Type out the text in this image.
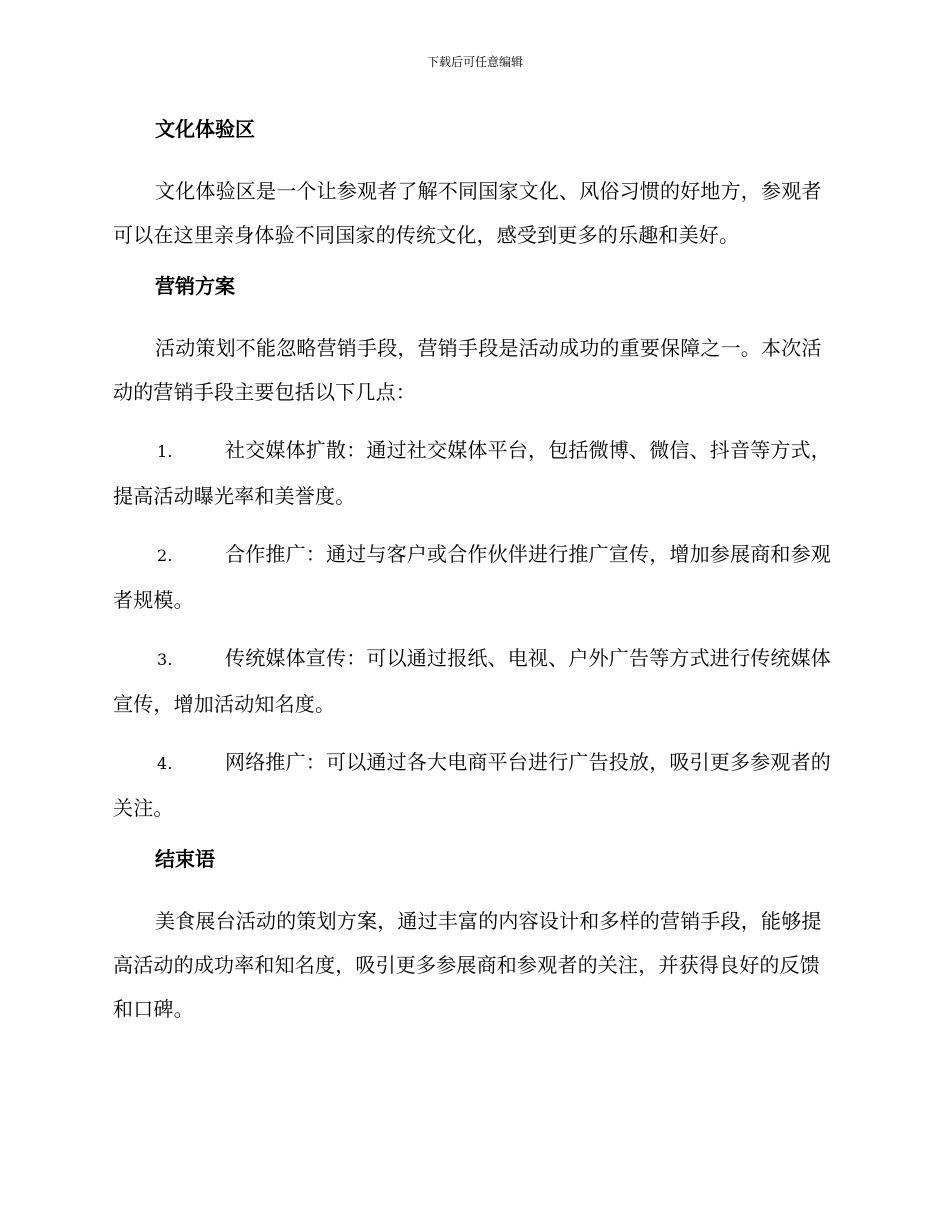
下载后可任意编辑
文化体验区
文化体验区是一个让参观者了解不同国家文化、风俗习惯的好地方，参观者可以在这里亲身体验不同国家的传统文化，感受到更多的乐趣和美好。
营销方案
活动策划不能忽略营销手段，营销手段是活动成功的重要保障之一。本次活动的营销手段主要包括以下几点：
1.	社交媒体扩散：通过社交媒体平台，包括微博、微信、抖音等方式，提高活动曝光率和美誉度。
2.	合作推广：通过与客户或合作伙伴进行推广宣传，增加参展商和参观者规模。
3.	传统媒体宣传：可以通过报纸、电视、户外广告等方式进行传统媒体宣传，增加活动知名度。
4.	网络推广：可以通过各大电商平台进行广告投放，吸引更多参观者的关注。
结束语
美食展台活动的策划方案，通过丰富的内容设计和多样的营销手段，能够提高活动的成功率和知名度，吸引更多参展商和参观者的关注，并获得良好的反馈和口碑。
